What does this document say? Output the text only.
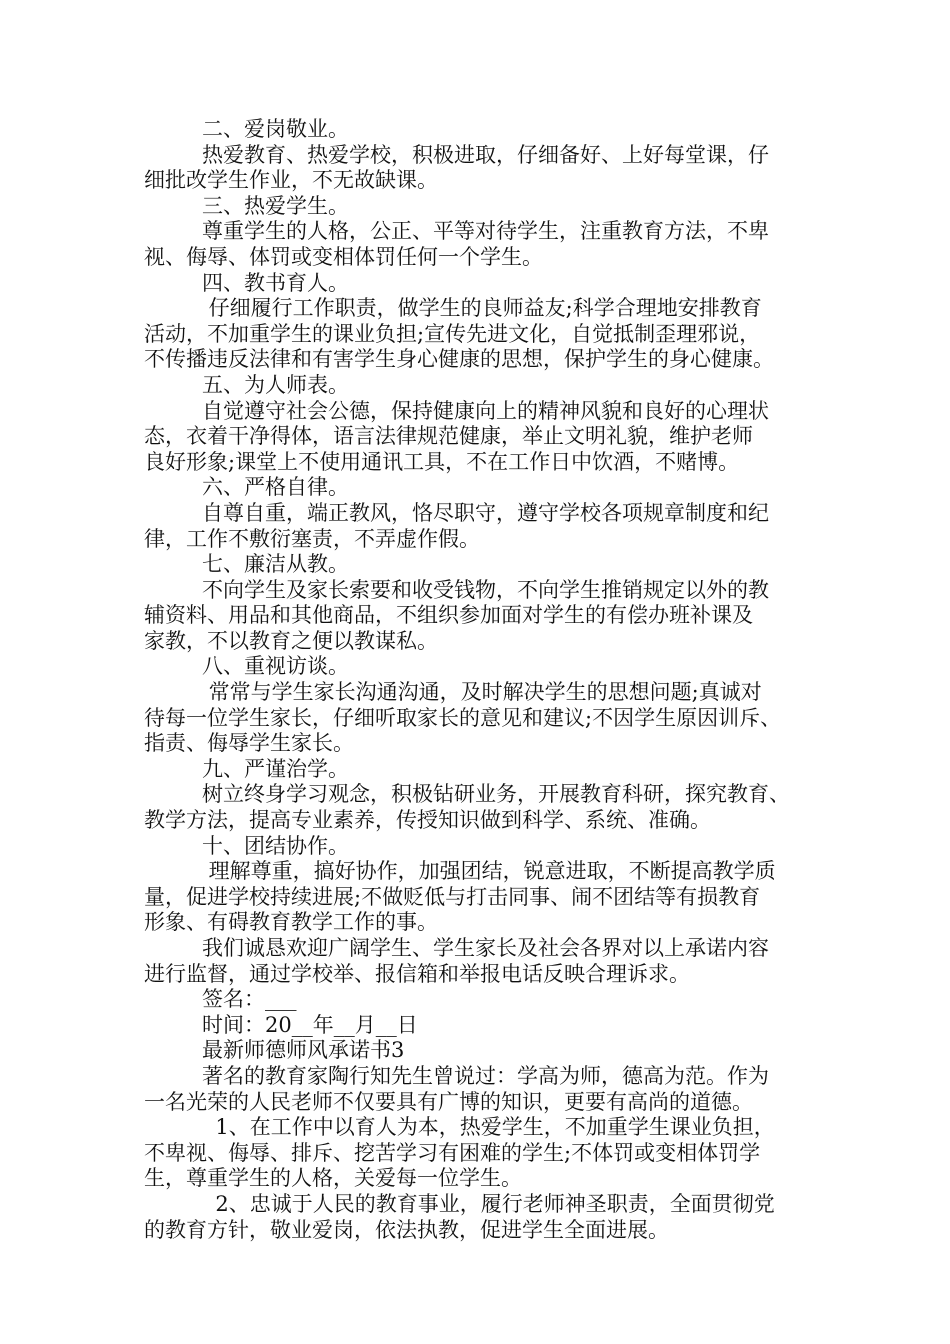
二、爱岗敬业。
热爱教育、热爱学校，积极进取，仔细备好、上好每堂课，仔
细批改学生作业，不无故缺课。
三、热爱学生。
尊重学生的人格，公正、平等对待学生，注重教育方法，不卑
视、侮辱、体罚或变相体罚任何一个学生。
四、教书育人。
仔细履行工作职责，做学生的良师益友;科学合理地安排教育
活动，不加重学生的课业负担;宣传先进文化，自觉抵制歪理邪说，
不传播违反法律和有害学生身心健康的思想，保护学生的身心健康。
五、为人师表。
自觉遵守社会公德，保持健康向上的精神风貌和良好的心理状
态，衣着干净得体，语言法律规范健康，举止文明礼貌，维护老师
良好形象;课堂上不使用通讯工具，不在工作日中饮酒，不赌博。
六、严格自律。
自尊自重，端正教风，恪尽职守，遵守学校各项规章制度和纪
律，工作不敷衍塞责，不弄虚作假。
七、廉洁从教。
不向学生及家长索要和收受钱物，不向学生推销规定以外的教
辅资料、用品和其他商品，不组织参加面对学生的有偿办班补课及
家教，不以教育之便以教谋私。
八、重视访谈。
常常与学生家长沟通沟通，及时解决学生的思想问题;真诚对
待每一位学生家长，仔细听取家长的意见和建议;不因学生原因训斥、
指责、侮辱学生家长。
九、严谨治学。
树立终身学习观念，积极钻研业务，开展教育科研，探究教育、
教学方法，提高专业素养，传授知识做到科学、系统、准确。
十、团结协作。
理解尊重，搞好协作，加强团结，锐意进取，不断提高教学质
量，促进学校持续进展;不做贬低与打击同事、闹不团结等有损教育
形象、有碍教育教学工作的事。
我们诚恳欢迎广阔学生、学生家长及社会各界对以上承诺内容
进行监督，通过学校举、报信箱和举报电话反映合理诉求。
签名：___
时间：20__年__月__日
最新师德师风承诺书3
著名的教育家陶行知先生曾说过：学高为师，德高为范。作为
一名光荣的人民老师不仅要具有广博的知识，更要有高尚的道德。
1、在工作中以育人为本，热爱学生，不加重学生课业负担，
不卑视、侮辱、排斥、挖苦学习有困难的学生;不体罚或变相体罚学
生，尊重学生的人格，关爱每一位学生。
2、忠诚于人民的教育事业，履行老师神圣职责，全面贯彻党
的教育方针，敬业爱岗，依法执教，促进学生全面进展。
